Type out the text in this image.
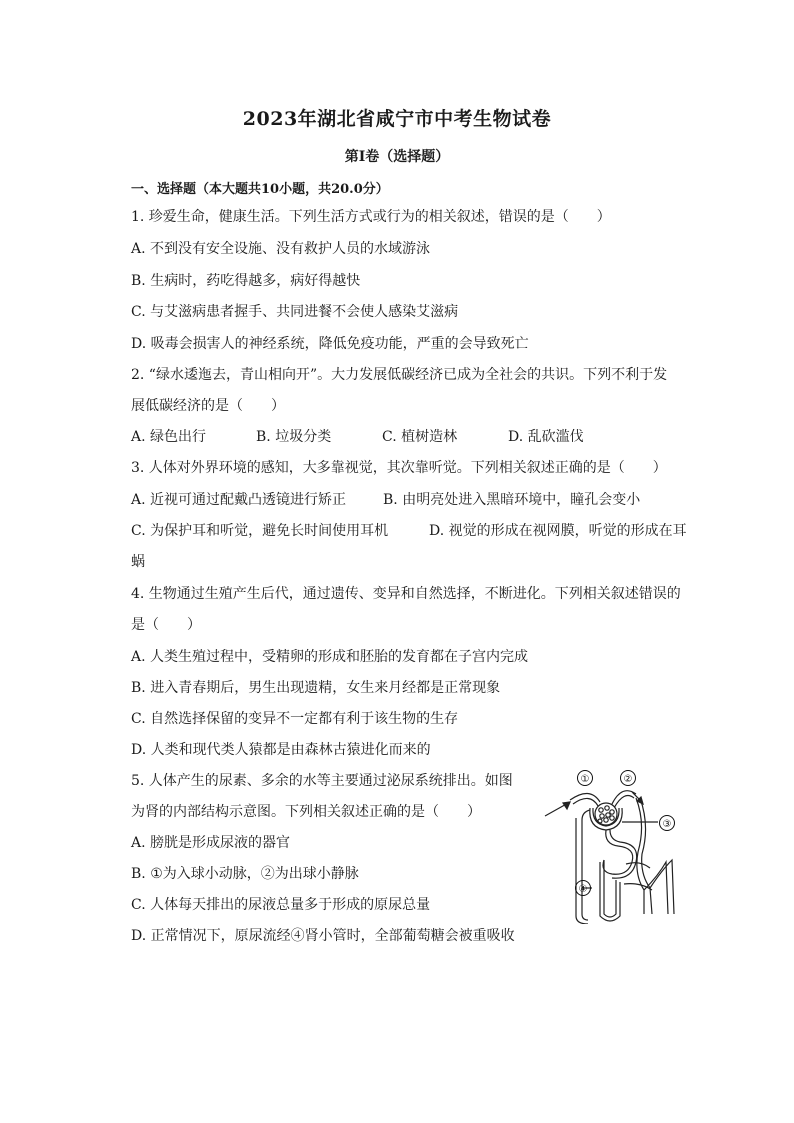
2023年湖北省咸宁市中考生物试卷
第Ⅰ卷（选择题）
一、选择题（本大题共10小题，共20.0分）
1. 珍爱生命，健康生活。下列生活方式或行为的相关叙述，错误的是（　　）
A. 不到没有安全设施、没有救护人员的水域游泳
B. 生病时，药吃得越多，病好得越快
C. 与艾滋病患者握手、共同进餐不会使人感染艾滋病
D. 吸毒会损害人的神经系统，降低免疫功能，严重的会导致死亡
2. “绿水逶迤去，青山相向开”。大力发展低碳经济已成为全社会的共识。下列不利于发
展低碳经济的是（　　）
A. 绿色出行	B. 垃圾分类	C. 植树造林	D. 乱砍滥伐
3. 人体对外界环境的感知，大多靠视觉，其次靠听觉。下列相关叙述正确的是（　　）
A. 近视可通过配戴凸透镜进行矫正	B. 由明亮处进入黑暗环境中，瞳孔会变小
C. 为保护耳和听觉，避免长时间使用耳机	D. 视觉的形成在视网膜，听觉的形成在耳
蜗
4. 生物通过生殖产生后代，通过遗传、变异和自然选择，不断进化。下列相关叙述错误的
是（　　）
A. 人类生殖过程中，受精卵的形成和胚胎的发育都在子宫内完成
B. 进入青春期后，男生出现遗精，女生来月经都是正常现象
C. 自然选择保留的变异不一定都有利于该生物的生存
D. 人类和现代类人猿都是由森林古猿进化而来的
5. 人体产生的尿素、多余的水等主要通过泌尿系统排出。如图
为肾的内部结构示意图。下列相关叙述正确的是（　　）
A. 膀胱是形成尿液的器官
B. ①为入球小动脉，②为出球小静脉
C. 人体每天排出的尿液总量多于形成的原尿总量
D. 正常情况下，原尿流经④肾小管时，全部葡萄糖会被重吸收
①	②
③
④
